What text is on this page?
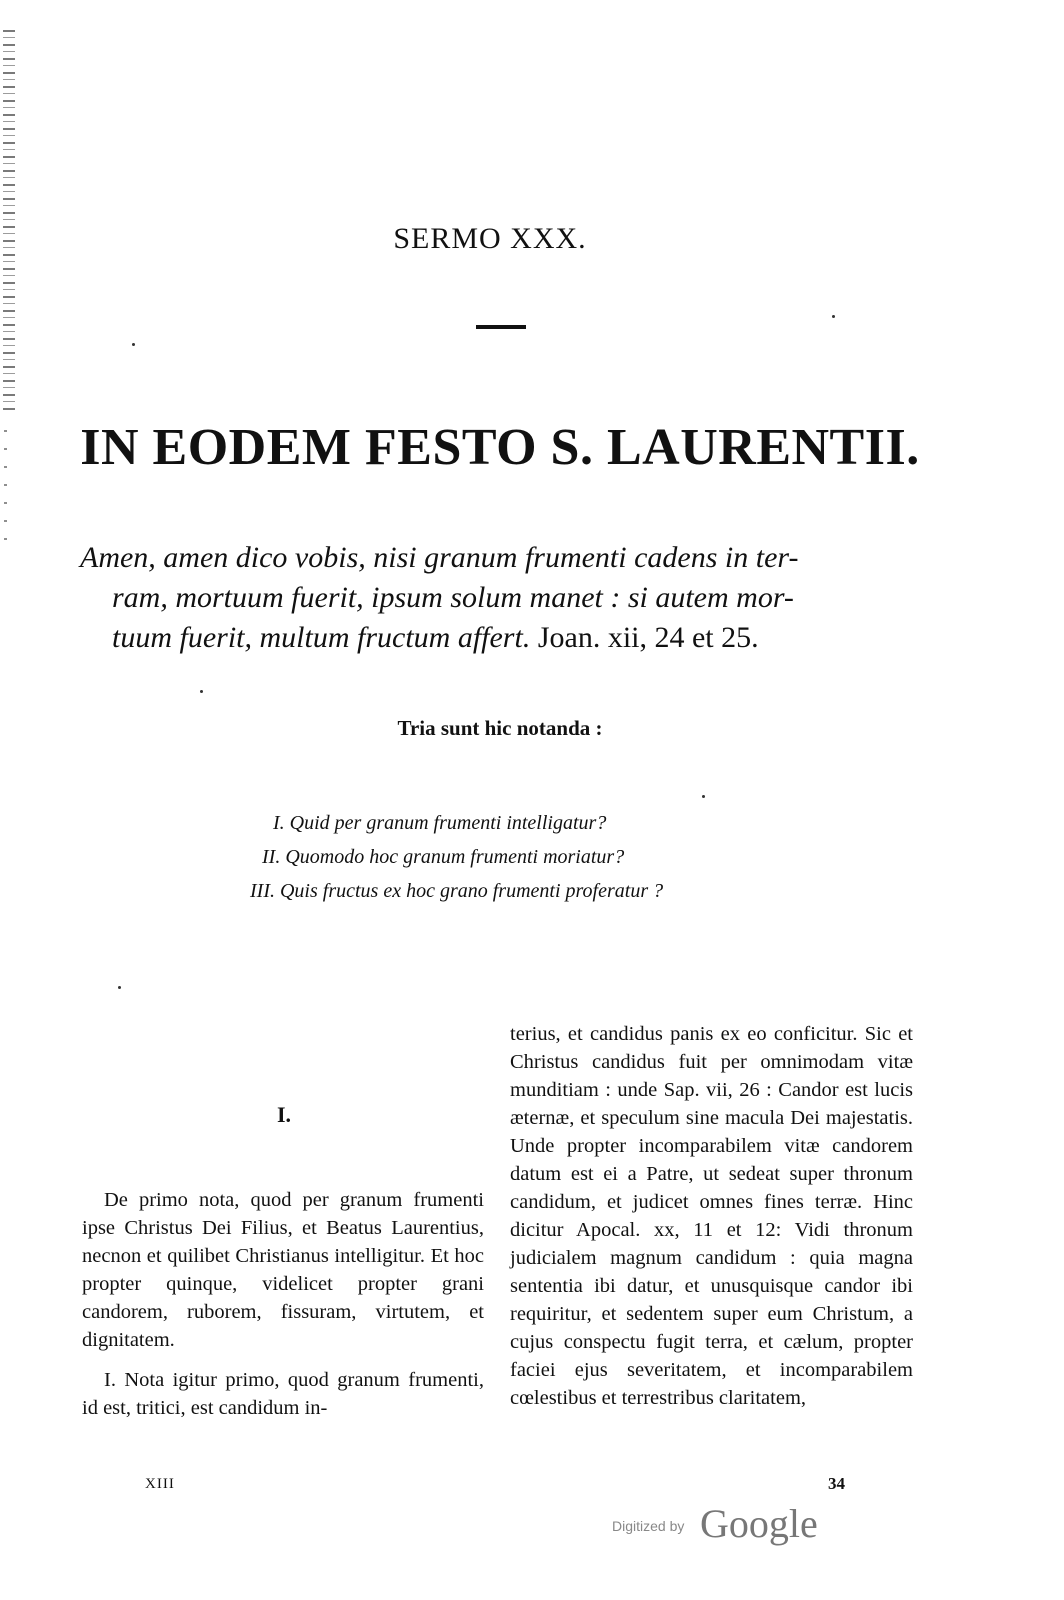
SERMO XXX.
IN EODEM FESTO S. LAURENTII.
Amen, amen dico vobis, nisi granum frumenti cadens in ter-
ram, mortuum fuerit, ipsum solum manet : si autem mor-
tuum fuerit, multum fructum affert. Joan. xii, 24 et 25.
Tria sunt hic notanda :
I. Quid per granum frumenti intelligatur?
II. Quomodo hoc granum frumenti moriatur?
III. Quis fructus ex hoc grano frumenti proferatur ?
I.

De primo nota, quod per granum frumenti ipse Christus Dei Filius, et Beatus Laurentius, necnon et quilibet Christianus intelligitur. Et hoc propter quinque, videlicet propter grani candorem, ruborem, fissuram, virtutem, et dignitatem.

I. Nota igitur primo, quod granum frumenti, id est, tritici, est candidum in-

terius, et candidus panis ex eo conficitur. Sic et Christus candidus fuit per omnimodam vitæ munditiam : unde Sap. vii, 26 : Candor est lucis æternæ, et speculum sine macula Dei majestatis. Unde propter incomparabilem vitæ candorem datum est ei a Patre, ut sedeat super thronum candidum, et judicet omnes fines terræ. Hinc dicitur Apocal. xx, 11 et 12: Vidi thronum judicialem magnum candidum : quia magna sententia ibi datur, et unusquisque candor ibi requiritur, et sedentem super eum Christum, a cujus conspectu fugit terra, et cælum, propter faciei ejus severitatem, et incomparabilem cœlestibus et terrestribus claritatem,

XIII	34
Digitized by Google
